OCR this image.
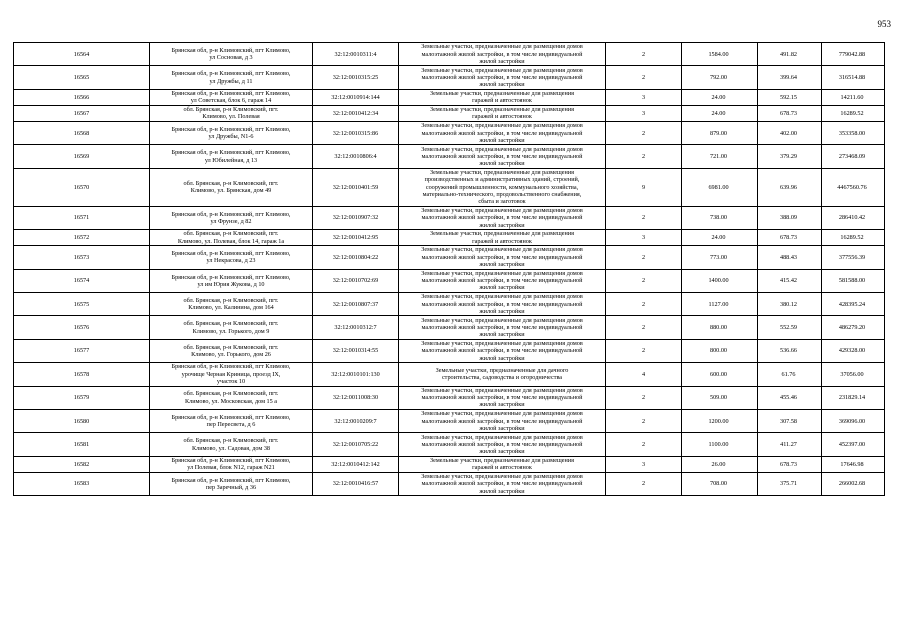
953
16564	Брянская обл, р-н Климовский, пгт Климово,
ул Сосновая, д 3	32:12:0010311:4	Земельные участки, предназначенные для размещения домов
малоэтажной жилой застройки, в том числе индивидуальной
жилой застройки	2	1584.00	491.82	779042.88
16565	Брянская обл, р-н Климовский, пгт Климово,
ул Дружбы, д 11	32:12:0010315:25	Земельные участки, предназначенные для размещения домов
малоэтажной жилой застройки, в том числе индивидуальной
жилой застройки	2	792.00	399.64	316514.88
16566	Брянская обл, р-н Климовский, пгт Климово,
ул Советская, блок 6, гараж 14	32:12:0010914:144	Земельные участки, предназначенные для размещения
гаражей и автостоянок	3	24.00	592.15	14211.60
16567	обл. Брянская, р-н Климовский, пгт.
Климово, ул. Полевая	32:12:0010412:34	Земельные участки, предназначенные для размещения
гаражей и автостоянок	3	24.00	678.73	16289.52
16568	Брянская обл, р-н Климовский, пгт Климово,
ул Дружбы, N1-6	32:12:0010315:86	Земельные участки, предназначенные для размещения домов
малоэтажной жилой застройки, в том числе индивидуальной
жилой застройки	2	879.00	402.00	353358.00
16569	Брянская обл, р-н Климовский, пгт Климово,
ул Юбилейная, д 13	32:12:0010806:4	Земельные участки, предназначенные для размещения домов
малоэтажной жилой застройки, в том числе индивидуальной
жилой застройки	2	721.00	379.29	273468.09
16570	обл. Брянская, р-н Климовский, пгт.
Климово, ул. Брянская, дом 49	32:12:0010401:59	Земельные участки, предназначенные для размещения
производственных и административных зданий, строений,
сооружений промышленности, коммунального хозяйства,
материально-технического, продовольственного снабжения,
сбыта и заготовок	9	6981.00	639.96	4467560.76
16571	Брянская обл, р-н Климовский, пгт Климово,
ул Фрунзе, д 82	32:12:0010907:32	Земельные участки, предназначенные для размещения домов
малоэтажной жилой застройки, в том числе индивидуальной
жилой застройки	2	738.00	388.09	286410.42
16572	обл. Брянская, р-н Климовский, пгт.
Климово, ул. Полевая, блок 14, гараж 1а	32:12:0010412:95	Земельные участки, предназначенные для размещения
гаражей и автостоянок	3	24.00	678.73	16289.52
16573	Брянская обл, р-н Климовский, пгт Климово,
ул Некрасова, д 23	32:12:0010804:22	Земельные участки, предназначенные для размещения домов
малоэтажной жилой застройки, в том числе индивидуальной
жилой застройки	2	773.00	488.43	377556.39
16574	Брянская обл, р-н Климовский, пгт Климово,
ул им Юрия Жукова, д 10	32:12:0010702:69	Земельные участки, предназначенные для размещения домов
малоэтажной жилой застройки, в том числе индивидуальной
жилой застройки	2	1400.00	415.42	581588.00
16575	обл. Брянская, р-н Климовский, пгт.
Климово, ул. Калинина, дом 164	32:12:0010807:37	Земельные участки, предназначенные для размещения домов
малоэтажной жилой застройки, в том числе индивидуальной
жилой застройки	2	1127.00	380.12	428395.24
16576	обл. Брянская, р-н Климовский, пгт.
Климово, ул. Горького, дом 9	32:12:0010312:7	Земельные участки, предназначенные для размещения домов
малоэтажной жилой застройки, в том числе индивидуальной
жилой застройки	2	880.00	552.59	486279.20
16577	обл. Брянская, р-н Климовский, пгт.
Климово, ул. Горького, дом 26	32:12:0010314:55	Земельные участки, предназначенные для размещения домов
малоэтажной жилой застройки, в том числе индивидуальной
жилой застройки	2	800.00	536.66	429328.00
16578	Брянская обл, р-н Климовский, пгт Климово,
урочище Черная Криница, проезд IX,
участок 10	32:12:0010101:130	Земельные участки, предназначенные для дачного
строительства, садоводства и огородничества	4	600.00	61.76	37056.00
16579	обл. Брянская, р-н Климовский, пгт.
Климово, ул. Московская, дом 15 а	32:12:0011008:30	Земельные участки, предназначенные для размещения домов
малоэтажной жилой застройки, в том числе индивидуальной
жилой застройки	2	509.00	455.46	231829.14
16580	Брянская обл, р-н Климовский, пгт Климово,
пер Пересвета, д 6	32:12:0010209:7	Земельные участки, предназначенные для размещения домов
малоэтажной жилой застройки, в том числе индивидуальной
жилой застройки	2	1200.00	307.58	369096.00
16581	обл. Брянская, р-н Климовский, пгт.
Климово, ул. Садовая, дом 38	32:12:0010705:22	Земельные участки, предназначенные для размещения домов
малоэтажной жилой застройки, в том числе индивидуальной
жилой застройки	2	1100.00	411.27	452397.00
16582	Брянская обл, р-н Климовский, пгт Климово,
ул Полевая, блок N12, гараж N21	32:12:0010412:142	Земельные участки, предназначенные для размещения
гаражей и автостоянок	3	26.00	678.73	17646.98
16583	Брянская обл, р-н Климовский, пгт Климово,
пер Заречный, д 36	32:12:0010416:57	Земельные участки, предназначенные для размещения домов
малоэтажной жилой застройки, в том числе индивидуальной
жилой застройки	2	708.00	375.71	266002.68
